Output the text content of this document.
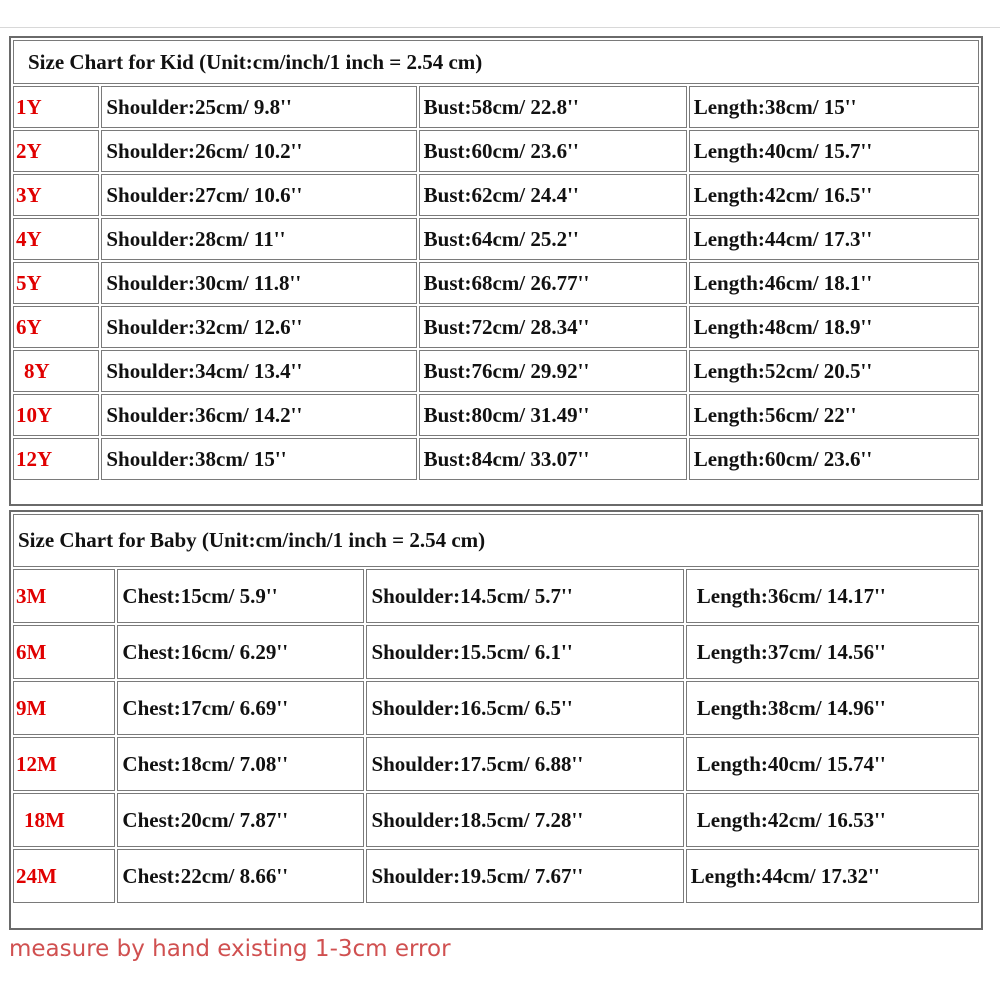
Size Chart for Kid (Unit:cm/inch/1 inch = 2.54 cm)			
1Y	Shoulder:25cm/ 9.8''	Bust:58cm/ 22.8''	Length:38cm/ 15''
2Y	Shoulder:26cm/ 10.2''	Bust:60cm/ 23.6''	Length:40cm/ 15.7''
3Y	Shoulder:27cm/ 10.6''	Bust:62cm/ 24.4''	Length:42cm/ 16.5''
4Y	Shoulder:28cm/ 11''	Bust:64cm/ 25.2''	Length:44cm/ 17.3''
5Y	Shoulder:30cm/ 11.8''	Bust:68cm/ 26.77''	Length:46cm/ 18.1''
6Y	Shoulder:32cm/ 12.6''	Bust:72cm/ 28.34''	Length:48cm/ 18.9''
8Y	Shoulder:34cm/ 13.4''	Bust:76cm/ 29.92''	Length:52cm/ 20.5''
10Y	Shoulder:36cm/ 14.2''	Bust:80cm/ 31.49''	Length:56cm/ 22''
12Y	Shoulder:38cm/ 15''	Bust:84cm/ 33.07''	Length:60cm/ 23.6''
Size Chart for Baby (Unit:cm/inch/1 inch = 2.54 cm)			
3M	Chest:15cm/ 5.9''	Shoulder:14.5cm/ 5.7''	Length:36cm/ 14.17''
6M	Chest:16cm/ 6.29''	Shoulder:15.5cm/ 6.1''	Length:37cm/ 14.56''
9M	Chest:17cm/ 6.69''	Shoulder:16.5cm/ 6.5''	Length:38cm/ 14.96''
12M	Chest:18cm/ 7.08''	Shoulder:17.5cm/ 6.88''	Length:40cm/ 15.74''
18M	Chest:20cm/ 7.87''	Shoulder:18.5cm/ 7.28''	Length:42cm/ 16.53''
24M	Chest:22cm/ 8.66''	Shoulder:19.5cm/ 7.67''	Length:44cm/ 17.32''
measure by hand existing 1-3cm error
